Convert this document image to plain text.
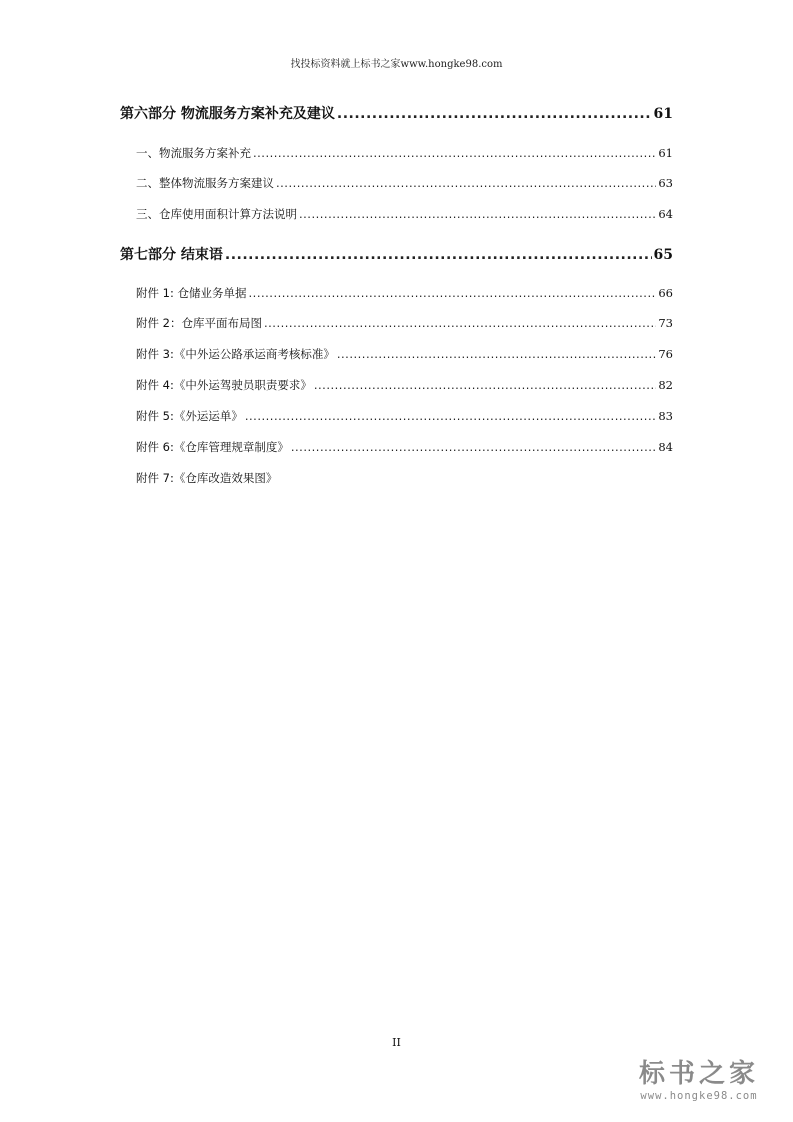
找投标资料就上标书之家www.hongke98.com
第六部分 物流服务方案补充及建议 .....	61
一、物流服务方案补充 .....	61
二、整体物流服务方案建议 .....	63
三、仓库使用面积计算方法说明 .....	64
第七部分 结束语 .....	65
附件 1: 仓储业务单据 .....	66
附件 2：仓库平面布局图 .....	73
附件 3:《中外运公路承运商考核标准》 .....	76
附件 4:《中外运驾驶员职责要求》 .....	82
附件 5:《外运运单》 .....	83
附件 6:《仓库管理规章制度》 .....	84
附件 7:《仓库改造效果图》
II
标书之家
www.hongke98.com
